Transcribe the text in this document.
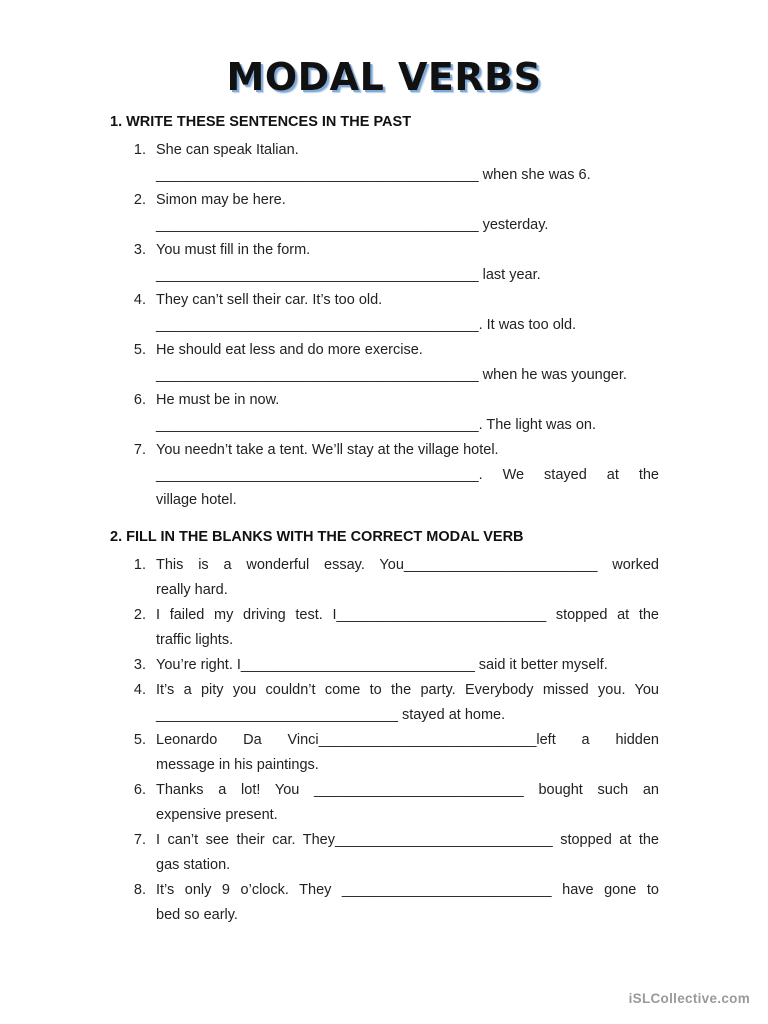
MODAL VERBS
1. WRITE THESE SENTENCES IN THE PAST
1. She can speak Italian.
________________________________________ when she was 6.
2. Simon may be here.
________________________________________ yesterday.
3. You must fill in the form.
________________________________________ last year.
4. They can’t sell their car. It’s too old.
________________________________________. It was too old.
5. He should eat less and do more exercise.
________________________________________ when he was younger.
6. He must be in now.
________________________________________. The light was on.
7. You needn’t take a tent. We’ll stay at the village hotel.
________________________________________. We stayed at the
village hotel.
2. FILL IN THE BLANKS WITH THE CORRECT MODAL VERB
1. This is a wonderful essay. You________________________ worked
really hard.
2. I failed my driving test. I__________________________ stopped at the
traffic lights.
3. You’re right. I_____________________________ said it better myself.
4. It’s a pity you couldn’t come to the party. Everybody missed you. You
______________________________ stayed at home.
5. Leonardo Da Vinci___________________________left a hidden
message in his paintings.
6. Thanks a lot! You __________________________ bought such an
expensive present.
7. I can’t see their car. They___________________________ stopped at the
gas station.
8. It’s only 9 o’clock. They __________________________ have gone to
bed so early.
iSLCollective.com
